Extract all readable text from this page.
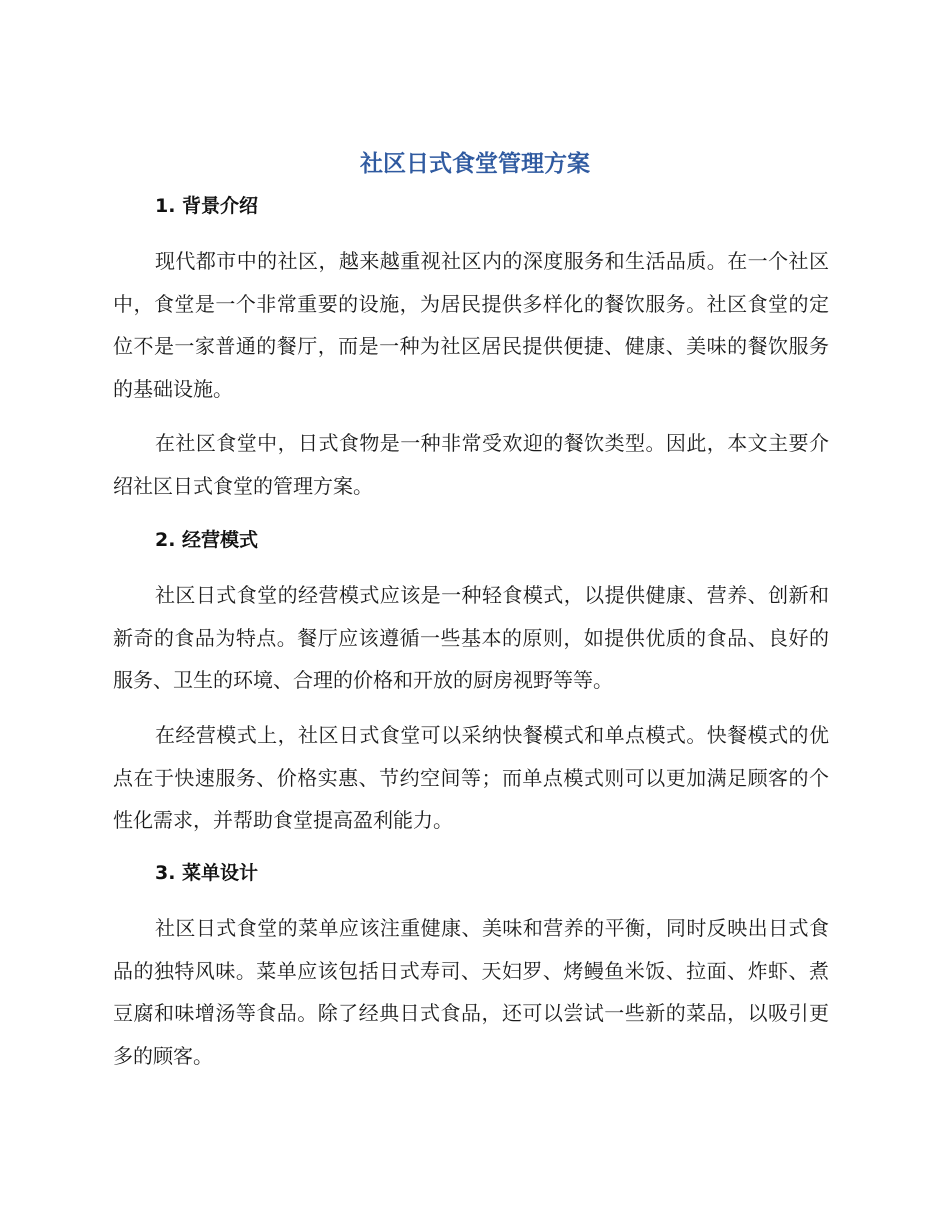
社区日式食堂管理方案
1. 背景介绍

现代都市中的社区，越来越重视社区内的深度服务和生活品质。在一个社区中，食堂是一个非常重要的设施，为居民提供多样化的餐饮服务。社区食堂的定位不是一家普通的餐厅，而是一种为社区居民提供便捷、健康、美味的餐饮服务的基础设施。

在社区食堂中，日式食物是一种非常受欢迎的餐饮类型。因此，本文主要介绍社区日式食堂的管理方案。

2. 经营模式

社区日式食堂的经营模式应该是一种轻食模式，以提供健康、营养、创新和新奇的食品为特点。餐厅应该遵循一些基本的原则，如提供优质的食品、良好的服务、卫生的环境、合理的价格和开放的厨房视野等等。

在经营模式上，社区日式食堂可以采纳快餐模式和单点模式。快餐模式的优点在于快速服务、价格实惠、节约空间等；而单点模式则可以更加满足顾客的个性化需求，并帮助食堂提高盈利能力。

3. 菜单设计

社区日式食堂的菜单应该注重健康、美味和营养的平衡，同时反映出日式食品的独特风味。菜单应该包括日式寿司、天妇罗、烤鳗鱼米饭、拉面、炸虾、煮豆腐和味增汤等食品。除了经典日式食品，还可以尝试一些新的菜品，以吸引更多的顾客。
